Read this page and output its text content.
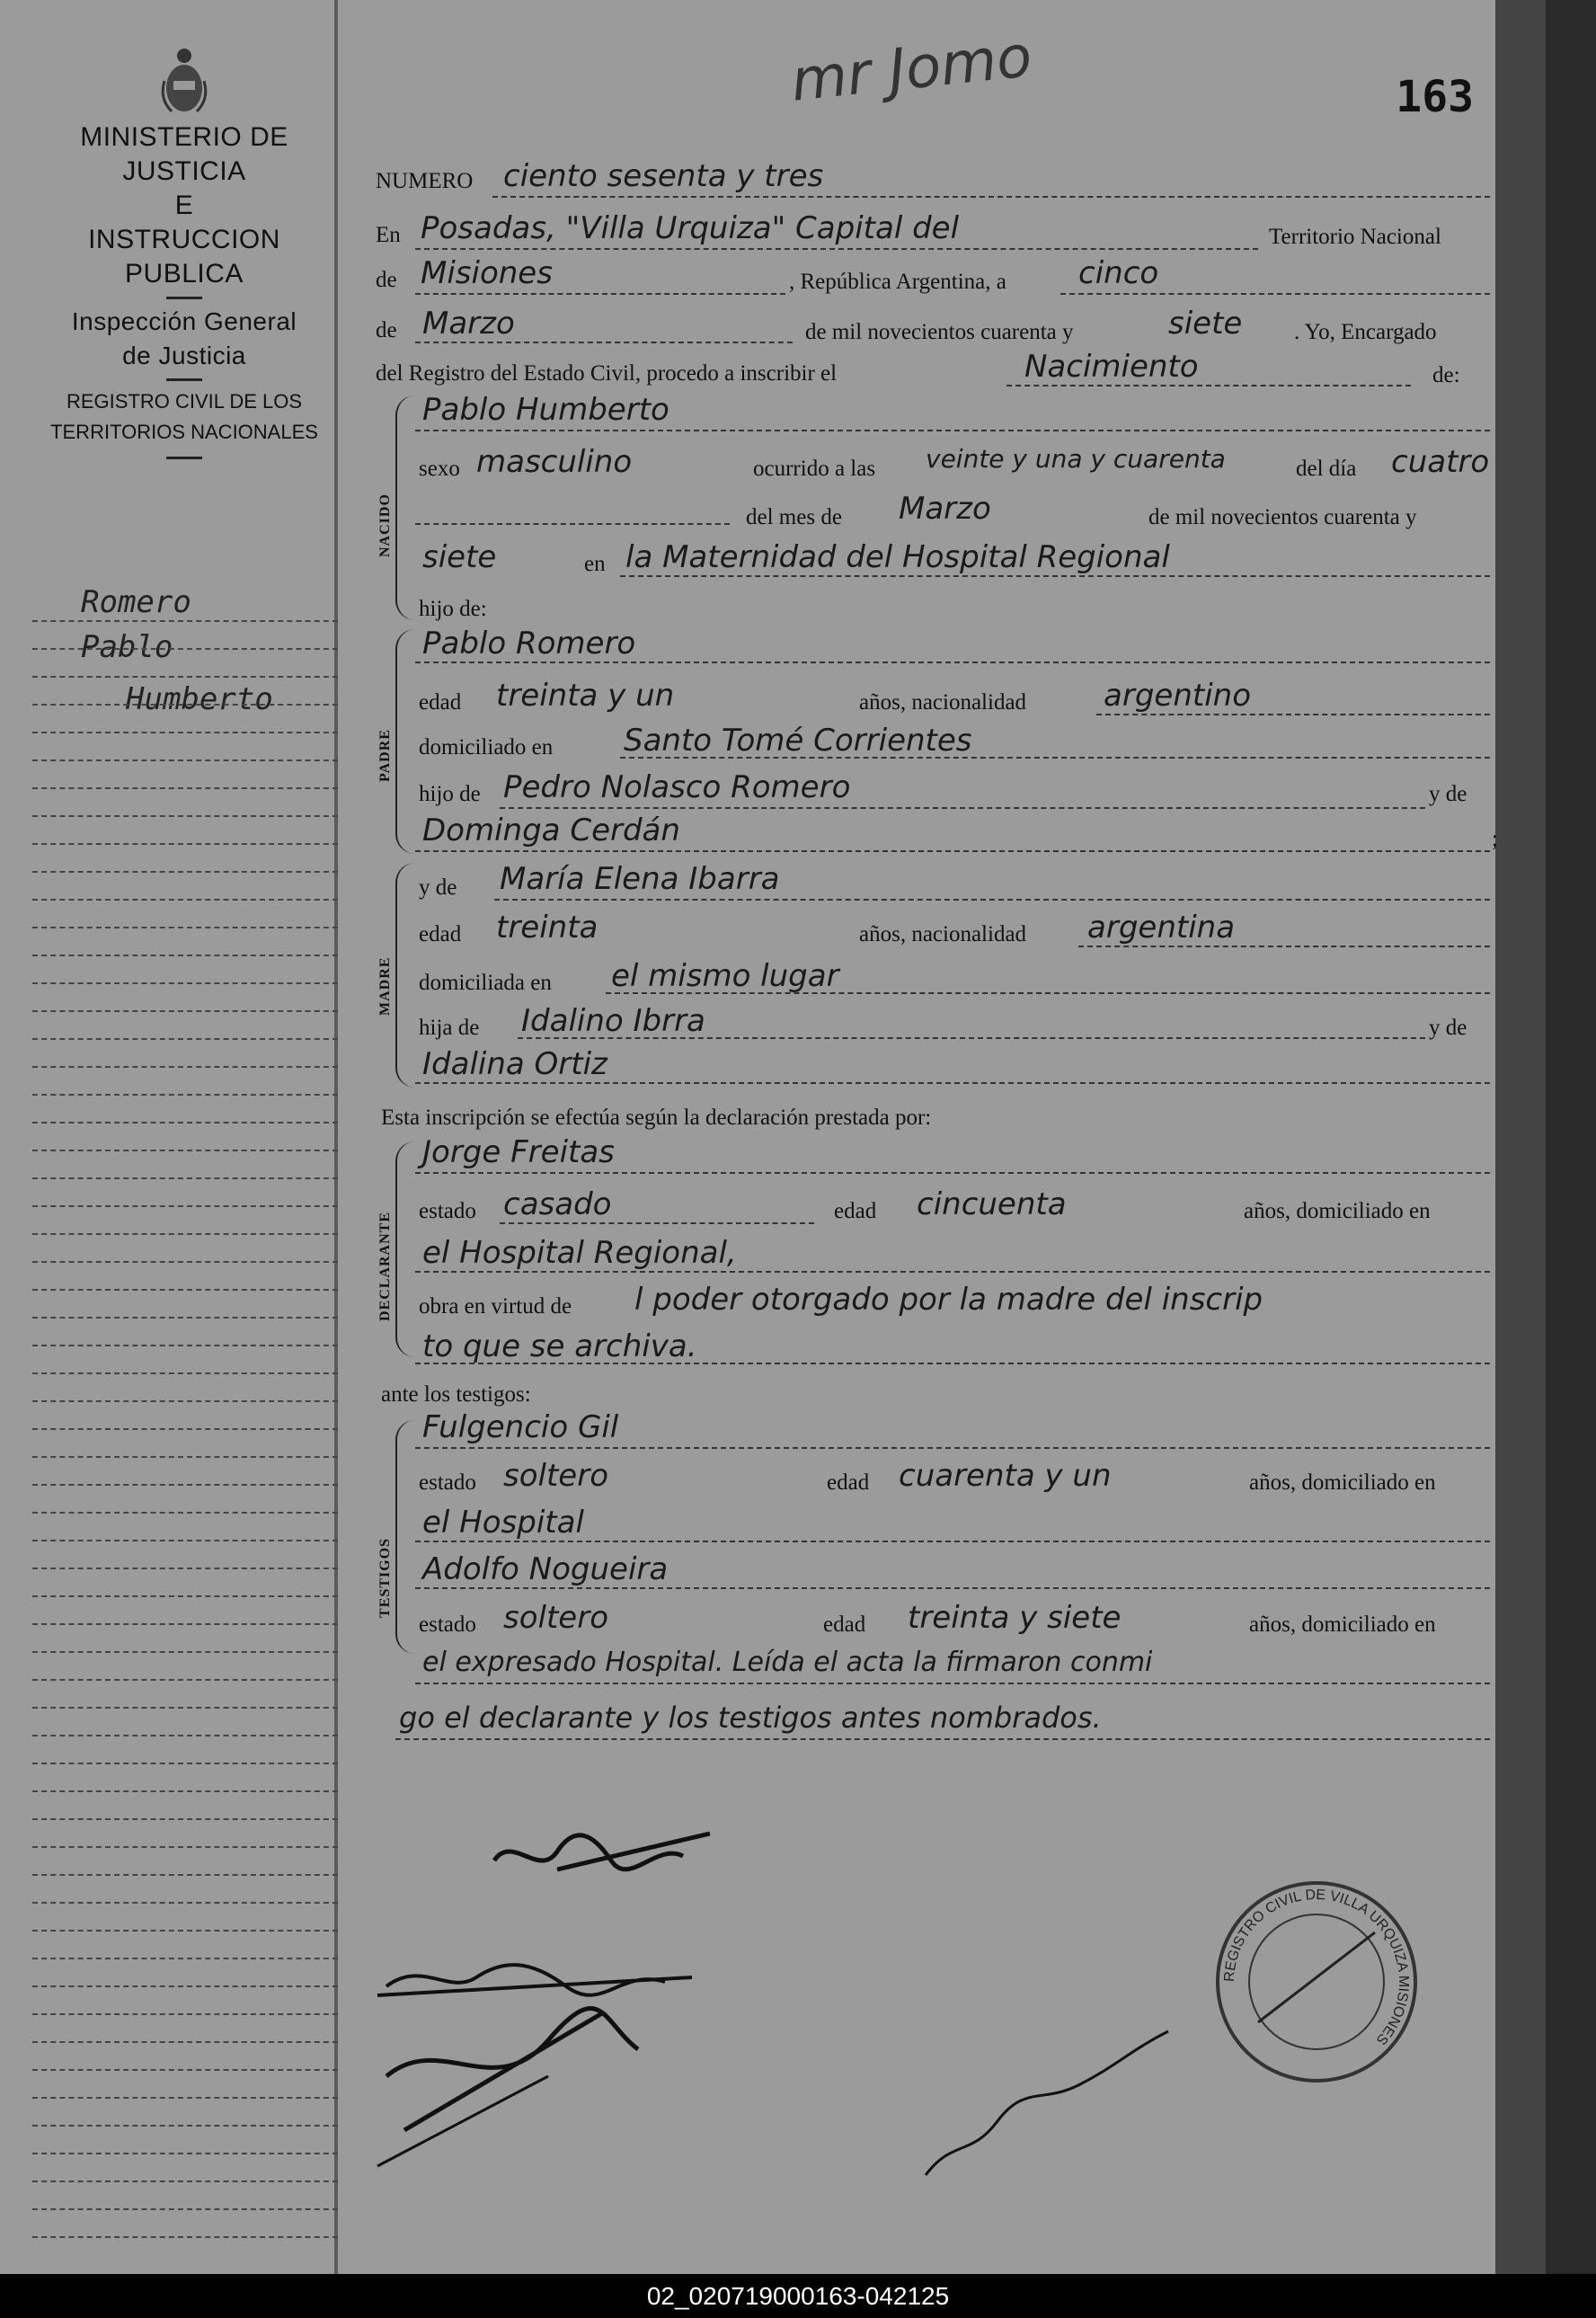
MINISTERIO DE JUSTICIA
E
INSTRUCCION PUBLICA
Inspección General
de Justicia
REGISTRO CIVIL DE LOS
TERRITORIOS NACIONALES
Romero
Pablo
Humberto
163
mr Jomo
NUMERO ciento sesenta y tres
En Posadas, "Villa Urquiza" Capital del	Territorio Nacional
de Misiones	, República Argentina, a cinco
de Marzo	de mil novecientos cuarenta y	siete . Yo, Encargado
del Registro del Estado Civil, procedo a inscribir el	Nacimiento	de:
NACIDO
Pablo Humberto
sexo masculino	ocurrido a las veinte y una y cuarenta	del día cuatro
del mes de Marzo	de mil novecientos cuarenta y
siete	en la Maternidad del Hospital Regional
hijo de:
PADRE
Pablo Romero
edad treinta y un	años, nacionalidad	argentino
domiciliado en Santo Tomé Corrientes
hijo de Pedro Nolasco Romero	y de
Dominga Cerdán	;
MADRE
y de María Elena Ibarra
edad treinta	años, nacionalidad argentina
domiciliada en el mismo lugar
hija de Idalino Ibrra	y de
Idalina Ortiz
Esta inscripción se efectúa según la declaración prestada por:
DECLARANTE
Jorge Freitas
estado casado	edad cincuenta	años, domiciliado en
el Hospital Regional,
obra en virtud de l poder otorgado por la madre del inscrip
to que se archiva.
ante los testigos:
TESTIGOS
Fulgencio Gil
estado soltero	edad cuarenta y un	años, domiciliado en
el Hospital
Adolfo Nogueira
estado soltero	edad treinta y siete	años, domiciliado en
el expresado Hospital. Leída el acta la firmaron conmi
go el declarante y los testigos antes nombrados.
REGISTRO CIVIL DE VILLA URQUIZA MISIONES
02_020719000163-042125
